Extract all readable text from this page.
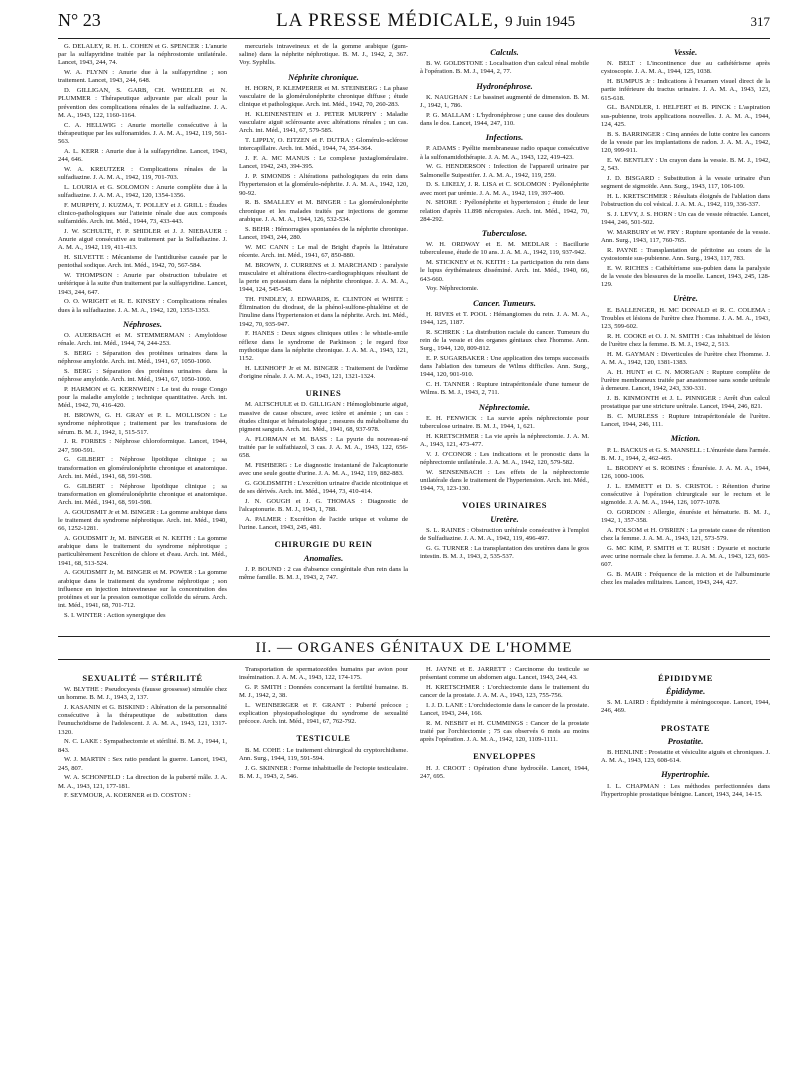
N° 23	LA PRESSE MÉDICALE, 9 Juin 1945	317

G. DELALEY, R. H. L. COHEN et G. SPENCER : L'anurie par la sulfapyridine traitée par la néphrostomie unilatérale. Lancet, 1943, 244, 74.

W. A. FLYNN : Anurie due à la sulfapyridine ; son traitement. Lancet, 1943, 244, 648.

D. GILLIGAN, S. GARB, CH. WHEELER et N. PLUMMER : Thérapeutique adjuvante par alcali pour la prévention des complications rénales de la sulfadiazine. J. A. M. A., 1943, 122, 1160-1164.

C. A. HELLWIG : Anurie mortelle consécutive à la thérapeutique par les sulfonamides. J. A. M. A., 1942, 119, 561-563.

A. L. KERR : Anurie due à la sulfapyridine. Lancet, 1943, 244, 646.

W. A. KREUTZER : Complications rénales de la sulfadiazine. J. A. M. A., 1942, 119, 701-703.

L. LOURIA et G. SOLOMON : Anurie complète due à la sulfadiazine. J. A. M. A., 1942, 120, 1354-1356.

F. MURPHY, J. KUZMA, T. POLLEY et J. GRILL : Études clinico-pathologiques sur l'atteinte rénale due aux composés sulfamidés. Arch. int. Méd., 1944, 73, 433-443.

J. W. SCHULTE, F. P. SHIDLER et J. J. NIEBAUER : Anurie aiguë consécutive au traitement par la Sulfadiazine. J. A. M. A., 1942, 119, 411-413.

H. SILVETTE : Mécanisme de l'antidiurèse causée par le pentothal sodique. Arch. int. Méd., 1942, 70, 567-584.

W. THOMPSON : Anurie par obstruction tubulaire et urétérique à la suite d'un traitement par la sulfapyridine. Lancet, 1943, 244, 647.

O. O. WRIGHT et R. E. KINSEY : Complications rénales dues à la sulfadiazine. J. A. M. A., 1942, 120, 1353-1353.

Néphroses.

O. AUERBACH et M. STEMMERMAN : Amyloïdose rénale. Arch. int. Méd., 1944, 74, 244-253.

S. BERG : Séparation des protéines urinaires dans la néphrose amyloïde. Arch. int. Méd., 1941, 67, 1050-1060.

S. BERG : Séparation des protéines urinaires dans la néphrose amyloïde. Arch. int. Méd., 1941, 67, 1050-1060.

P. HARMON et G. KERNWEIN : Le test du rouge Congo pour la maladie amyloïde ; technique quantitative. Arch. int. Méd., 1942, 70, 416-420.

H. BROWN, G. H. GRAY et P. L. MOLLISON : Le syndrome néphrotique ; traitement par les transfusions de sérum. B. M. J., 1942, 1, 515-517.

J. R. FORBES : Néphrose chloroformique. Lancet, 1944, 247, 590-591.

G. GILBERT : Néphrose lipoïdique clinique ; sa transformation en glomérulonéphrite chronique et anatomique. Arch. int. Méd., 1941, 68, 591-598.

G. GILBERT : Néphrose lipoïdique clinique ; sa transformation en glomérulonéphrite chronique et anatomique. Arch. int. Méd., 1941, 68, 591-598.

A. GOUDSMIT Jr et M. BINGER : La gomme arabique dans le traitement du syndrome néphrotique. Arch. int. Méd., 1940, 66, 1252-1281.

A. GOUDSMIT Jr, M. BINGER et N. KEITH : La gomme arabique dans le traitement du syndrome néphrotique ; particulièrement l'excrétion de chlore et d'eau. Arch. int. Méd., 1941, 68, 513-524.

A. GOUDSMIT Jr, M. BINGER et M. POWER : La gomme arabique dans le traitement du syndrome néphrotique ; son influence en injection intraveineuse sur la concentration des protéines et sur la pression osmotique colloïde du sérum. Arch. int. Méd., 1941, 68, 701-712.

S. I. WINTER : Action synergique des

mercuriels intraveineux et de la gomme arabique (gum-saline) dans la néphrite néphrotique. B. M. J., 1942, 2, 367. Voy. Syphilis.

Néphrite chronique.

H. HORN, P. KLEMPERER et M. STEINBERG : La phase vasculaire de la glomérulonéphrite chronique diffuse ; étude clinique et pathologique. Arch. int. Méd., 1942, 70, 260-283.

H. KLEINENSTEIN et J. PETER MURPHY : Maladie vasculaire aiguë sclérosante avec altérations rénales ; un cas. Arch. int. Méd., 1941, 67, 579-585.

T. LIPPLY, O. EITZEN et F. DUTRA : Glomérulo-sclérose intercapillaire. Arch. int. Méd., 1944, 74, 354-364.

J. F. A. MC MANUS : Le complexe juxtaglomérulaire. Lancet, 1942, 243, 394-395.

J. P. SIMONDS : Altérations pathologiques du rein dans l'hypertension et la glomérulo-néphrite. J. A. M. A., 1942, 120, 90-92.

R. B. SMALLEY et M. BINGER : La glomérulonéphrite chronique et les malades traités par injections de gomme arabique. J. A. M. A., 1944, 126, 532-534.

S. BEHR : Hémorragies spontanées de la néphrite chronique. Lancet, 1943, 244, 280.

W. MC CANN : Le mal de Bright d'après la littérature récente. Arch. int. Méd., 1941, 67, 850-880.

M. BROWN, J. CURRENS et J. MARCHAND : paralysie musculaire et altérations électro-cardiographiques résultant de la perte en potassium dans la néphrite chronique. J. A. M. A., 1944, 124, 545-548.

TH. FINDLEY, J. EDWARDS, E. CLINTON et WHITE : Élimination du diodrast, de la phénol-sulfone-phtaléine et de l'inuline dans l'hypertension et dans la néphrite. Arch. int. Méd., 1942, 70, 935-947.

F. HANES : Deux signes cliniques utiles : le whistle-smile réflexe dans le syndrome de Parkinson ; le regard fixe mythotique dans la néphrite chronique. J. A. M. A., 1943, 121, 1152.

H. LEINHOFF Jr et M. BINGER : Traitement de l'œdème d'origine rénale. J. A. M. A., 1943, 121, 1321-1324.

URINES

M. ALTSCHULE et D. GILLIGAN : Hémoglobinurie aiguë, massive de cause obscure, avec ictère et anémie ; un cas : études clinique et hématologique ; mesures du métabolisme du pigment sanguin. Arch. int. Méd., 1941, 68, 937-978.

A. FLORMAN et M. BASS : La pyurie du nouveau-né traitée par le sulfathiazol, 3 cas. J. A. M. A., 1943, 122, 656-658.

M. FISHBERG : Le diagnostic instantané de l'alcaptonurie avec une seule goutte d'urine. J. A. M. A., 1942, 119, 882-883.

G. GOLDSMITH : L'excrétion urinaire d'acide nicotinique et de ses dérivés. Arch. int. Méd., 1944, 73, 410-414.

J. N. GOUGH et J. G. THOMAS : Diagnostic de l'alcaptonurie. B. M. J., 1943, 1, 788.

A. PALMER : Excrétion de l'acide urique et volume de l'urine. Lancet, 1943, 245, 481.

CHIRURGIE DU REIN
Anomalies.

J. P. BOUND : 2 cas d'absence congénitale d'un rein dans la même famille. B. M. J., 1943, 2, 747.

Calculs.

B. W. GOLDSTONE : Localisation d'un calcul rénal mobile à l'opération. B. M. J., 1944, 2, 77.

Hydronéphrose.

K. NAUGHAN : Le bassinet augmenté de dimension. B. M. J., 1942, 1, 786.

P. G. MALLAM : L'hydronéphrose ; une cause des douleurs dans le dos. Lancet, 1944, 247, 110.

Infections.

P. ADAMS : Pyélite membraneuse radio opaque consécutive à la sulfonamidothérapie. J. A. M. A., 1943, 122, 419-423.

W. G. HENDERSON : Infection de l'appareil urinaire par Salmonelle Suipestifer. J. A. M. A., 1942, 119, 259.

D. S. LIKELY, J. R. LISA et C. SOLOMON : Pyélonéphrite avec mort par urémie. J. A. M. A., 1942, 119, 397-400.

N. SHORE : Pyélonéphrite et hypertension ; étude de leur relation d'après 11.898 nécropsies. Arch. int. Méd., 1942, 70, 284-292.

Tuberculose.

W. H. ORDWAY et E. M. MEDLAR : Bacillurie tuberculeuse, étude de 10 ans. J. A. M. A., 1942, 119, 937-942.

M. STICKNEY et N. KEITH : La participation du rein dans le lupus érythémateux disséminé. Arch. int. Méd., 1940, 66, 643-660.

Voy. Néphrectomie.

Cancer. Tumeurs.

H. RIVES et T. POOL : Hémangiomes du rein. J. A. M. A., 1944, 125, 1187.

R. SCHREK : La distribution raciale du cancer. Tumeurs du rein de la vessie et des organes génitaux chez l'homme. Ann. Surg., 1944, 120, 809-812.

E. P. SUGARBAKER : Une application des temps successifs dans l'ablation des tumeurs de Wilms difficiles. Ann. Surg., 1944, 120, 901-910.

C. H. TANNER : Rupture intrapéritonéale d'une tumeur de Wilms. B. M. J., 1943, 2, 711.

Néphrectomie.

E. H. FENWICK : La survie après néphrectomie pour tuberculose urinaire. B. M. J., 1944, 1, 621.

H. KRETSCHMER : La vie après la néphrectomie. J. A. M. A., 1943, 121, 473-477.

V. J. O'CONOR : Les indications et le pronostic dans la néphrectomie unilatérale. J. A. M. A., 1942, 120, 579-582.

W. SENSENBACH : Les effets de la néphrectomie unilatérale dans le traitement de l'hypertension. Arch. int. Méd., 1944, 73, 123-130.

VOIES URINAIRES
Uretère.

S. L. RAINES : Obstruction urétérale consécutive à l'emploi de Sulfadiazine. J. A. M. A., 1942, 119, 496-497.

G. G. TURNER : La transplantation des uretères dans le gros intestin. B. M. J., 1943, 2, 535-537.

Vessie.

N. BELT : L'incontinence due au cathétérisme après cystoscopie. J. A. M. A., 1944, 125, 1038.

H. BUMPUS Jr : Indications à l'examen visuel direct de la partie inférieure du tractus urinaire. J. A. M. A., 1943, 123, 615-618.

GL. BANDLER, I. HELFERT et B. PINCK : L'aspiration sus-pubienne, trois applications nouvelles. J. A. M. A., 1944, 124, 425.

B. S. BARRINGER : Cinq années de lutte contre les cancers de la vessie par les implantations de radon. J. A. M. A., 1942, 120, 999-911.

E. W. BENTLEY : Un crayon dans la vessie. B. M. J., 1942, 2, 543.

J. D. BISGARD : Substitution à la vessie urinaire d'un segment de sigmoïde. Ann. Surg., 1943, 117, 106-109.

H. L. KRETSCHMER : Résultats éloignés de l'ablation dans l'obstruction du col vésical. J. A. M. A., 1942, 119, 336-337.

S. J. LEVY, J. S. HORN : Un cas de vessie rétractée. Lancet, 1944, 246, 501-502.

W. MARBURY et W. FRY : Rupture spontanée de la vessie. Ann. Surg., 1943, 117, 760-765.

R. PAYNE : Transplantation de péritoine au cours de la cystostomie sus-pubienne. Ann. Surg., 1943, 117, 783.

E. W. RICHES : Cathétérisme sus-pubien dans la paralysie de la vessie des blessures de la moelle. Lancet, 1943, 245, 128-129.

Urètre.

E. BALLENGER, H. MC DONALD et R. C. COLEMA : Troubles et lésions de l'urètre chez l'homme. J. A. M. A., 1943, 123, 599-602.

R. H. COOKE et O. J. N. SMITH : Cas inhabituel de lésion de l'urètre chez la femme. B. M. J., 1942, 2, 513.

H. M. GAYMAN : Diverticules de l'urètre chez l'homme. J. A. M. A., 1942, 120, 1381-1383.

A. H. HUNT et C. N. MORGAN : Rupture complète de l'urètre membraneux traitée par anastomose sans sonde urétrale à demeure. Lancet, 1942, 243, 330-331.

J. B. KINMONTH et J. L. PINNIGER : Arrêt d'un calcul prostatique par une stricture urétrale. Lancet, 1944, 246, 821.

B. C. MURLESS : Rupture intrapéritonéale de l'urètre. Lancet, 1944, 246, 111.

Miction.

P. L. BACKUS et G. S. MANSELL : L'énurésie dans l'armée. B. M. J., 1944, 2, 462-465.

L. BRODNY et S. ROBINS : Énurésie. J. A. M. A., 1944, 126, 1000-1006.

J. L. EMMETT et D. S. CRISTOL : Rétention d'urine consécutive à l'opération chirurgicale sur le rectum et le sigmoïde. J. A. M. A., 1944, 126, 1077-1078.

O. GORDON : Allergie, énurésie et hématurie. B. M. J., 1942, 1, 357-358.

A. FOLSOM et H. O'BRIEN : La prostate cause de rétention chez la femme. J. A. M. A., 1943, 121, 573-579.

G. MC KIM, P. SMITH et T. RUSH : Dysurie et nocturie avec urine normale chez la femme. J. A. M. A., 1943, 123, 603-607.

G. B. MAIR : Fréquence de la miction et de l'albuminurie chez les malades militaires. Lancet, 1943, 244, 427.

II. — ORGANES GÉNITAUX DE L'HOMME
SEXUALITÉ — STÉRILITÉ

W. BLYTHE : Pseudocyesis (fausse grossesse) simulée chez un homme. B. M. J., 1943, 2, 137.

J. KASANIN et G. BISKIND : Altération de la personnalité consécutive à la thérapeutique de substitution dans l'eunuchoïdisme de l'adolescent. J. A. M. A., 1943, 121, 1317-1320.

N. C. LAKE : Sympathectomie et stérilité. B. M. J., 1944, 1, 843.

W. J. MARTIN : Sex ratio pendant la guerre. Lancet, 1943, 245, 807.

W. A. SCHONFELD : La direction de la puberté mâle. J. A. M. A., 1943, 121, 177-181.

F. SEYMOUR, A. KOERNER et D. COSTON :

Transportation de spermatozoïdes humains par avion pour insémination. J. A. M. A., 1943, 122, 174-175.

G. P. SMITH : Données concernant la fertilité humaine. B. M. J., 1942, 2, 38.

L. WEINBERGER et F. GRANT : Puberté précoce ; explication physiopathologique du syndrome de sexualité précoce. Arch. int. Méd., 1941, 67, 762-792.

TESTICULE

B. M. COHE : Le traitement chirurgical du cryptorchidisme. Ann. Surg., 1944, 119, 591-594.

J. G. SKINNER : Forme inhabituelle de l'ectopie testiculaire. B. M. J., 1943, 2, 546.

H. JAYNE et E. JARRETT : Carcinome du testicule se présentant comme un abdomen aigu. Lancet, 1943, 244, 43.

H. KRETSCHMER : L'orchiectomie dans le traitement du cancer de la prostate. J. A. M. A., 1943, 123, 755-756.

I. J. D. LANE : L'orchidectomie dans le cancer de la prostate. Lancet, 1943, 244, 166.

R. M. NESBIT et H. CUMMINGS : Cancer de la prostate traité par l'orchiectomie ; 75 cas observés 6 mois au moins après l'opération. J. A. M. A., 1942, 120, 1109-1111.

ENVELOPPES

H. J. CROOT : Opération d'une hydrocèle. Lancet, 1944, 247, 695.

ÉPIDIDYME
Épididyme.

S. M. LAIRD : Épididymite à méningocoque. Lancet, 1944, 246, 469.

PROSTATE
Prostatite.

B. HENLINE : Prostatite et vésiculite aiguës et chroniques. J. A. M. A., 1943, 123, 608-614.

Hypertrophie.

I. L. CHAPMAN : Les méthodes perfectionnées dans l'hypertrophie prostatique bénigne. Lancet, 1943, 244, 14-15.
